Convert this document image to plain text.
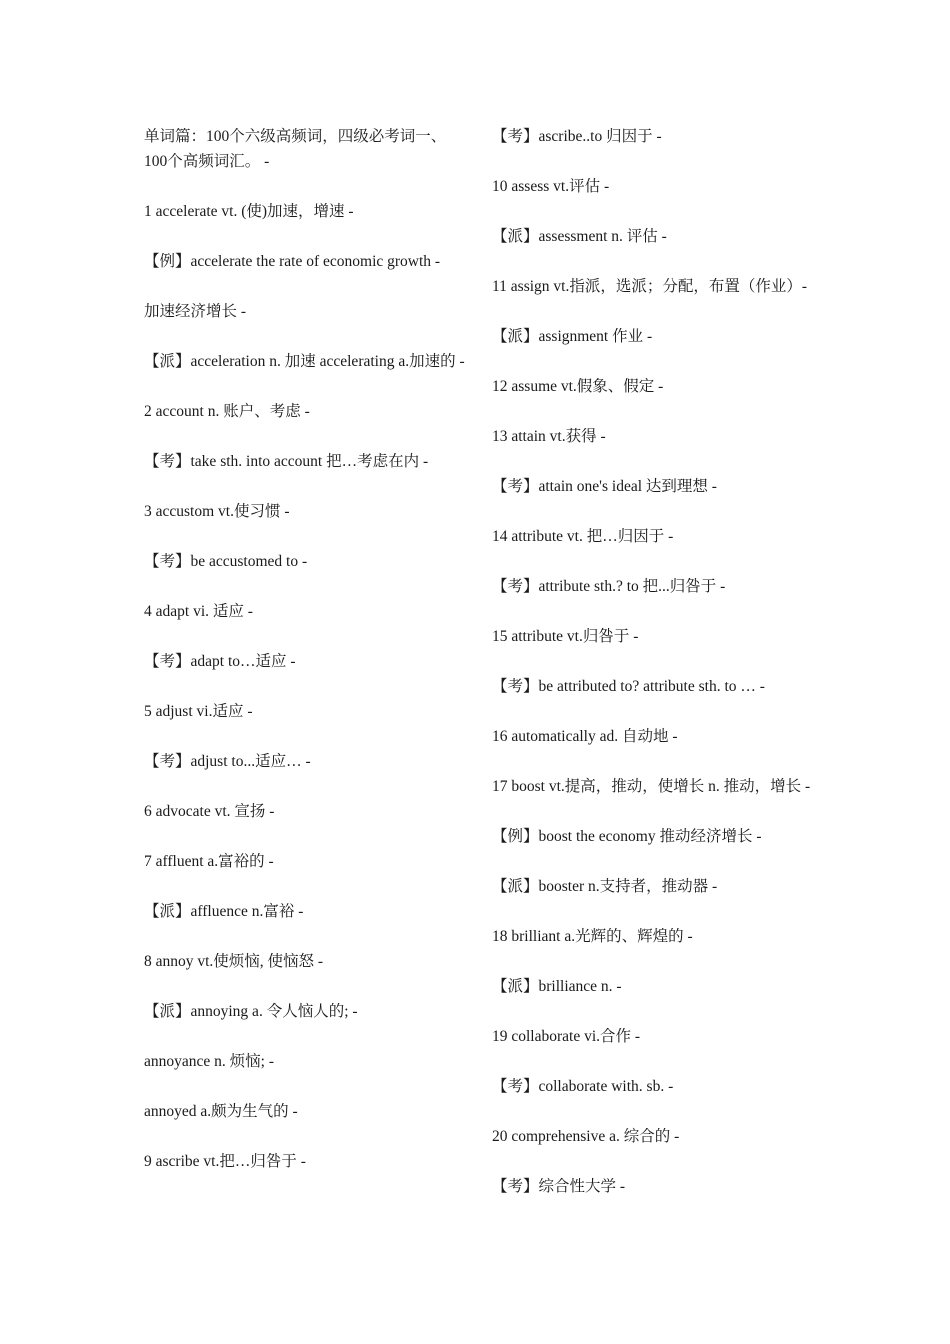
单词篇：100个六级高频词，四级必考词一、100个高频词汇。 -

1 accelerate vt. (使)加速，增速 -

【例】accelerate the rate of economic growth -

加速经济增长 -

【派】acceleration n. 加速 accelerating a.加速的 -

2 account n. 账户、考虑 -

【考】take sth. into account 把…考虑在内 -

3 accustom vt.使习惯 -

【考】be accustomed to -

4 adapt vi. 适应 -

【考】adapt to…适应 -

5 adjust vi.适应 -

【考】adjust to...适应… -

6 advocate vt. 宣扬 -

7 affluent a.富裕的 -

【派】affluence n.富裕 -

8 annoy vt.使烦恼, 使恼怒 -

【派】annoying a. 令人恼人的; -

annoyance n. 烦恼; -

annoyed a.颇为生气的 -

9 ascribe vt.把…归咎于 -

【考】ascribe..to 归因于 -

10 assess vt.评估 -

【派】assessment n. 评估 -

11 assign vt.指派，选派；分配，布置（作业）-

【派】assignment 作业 -

12 assume vt.假象、假定 -

13 attain vt.获得 -

【考】attain one's ideal 达到理想 -

14 attribute vt. 把…归因于 -

【考】attribute sth.? to 把...归咎于 -

15 attribute vt.归咎于 -

【考】be attributed to? attribute sth. to … -

16 automatically ad. 自动地 -

17 boost vt.提高，推动，使增长 n. 推动，增长 -

【例】boost the economy 推动经济增长 -

【派】booster n.支持者，推动器 -

18 brilliant a.光辉的、辉煌的 -

【派】brilliance n. -

19 collaborate vi.合作 -

【考】collaborate with. sb. -

20 comprehensive a. 综合的 -

【考】综合性大学 -
